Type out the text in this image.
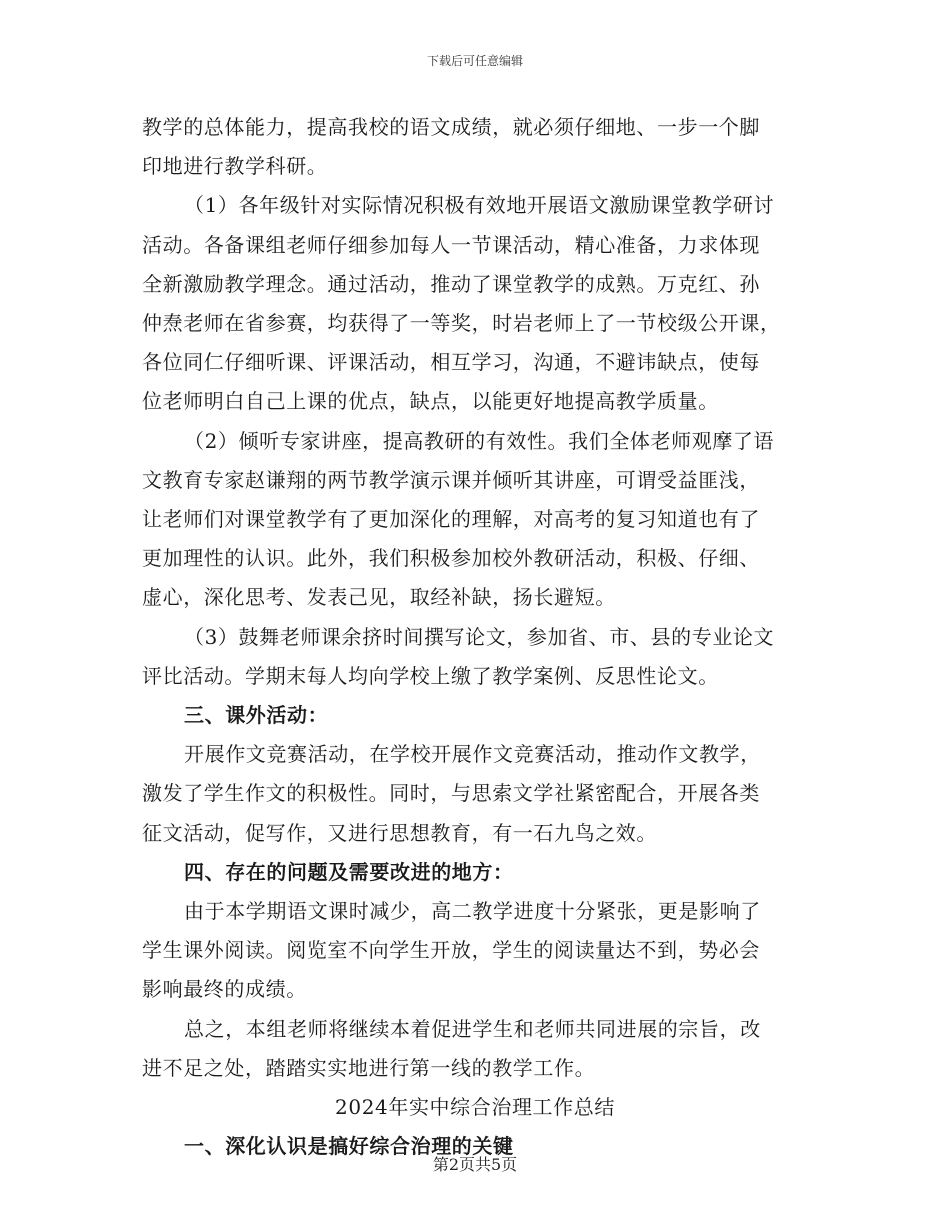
下载后可任意编辑
教学的总体能力，提高我校的语文成绩，就必须仔细地、一步一个脚
印地进行教学科研。
（1）各年级针对实际情况积极有效地开展语文激励课堂教学研讨
活动。各备课组老师仔细参加每人一节课活动，精心准备，力求体现
全新激励教学理念。通过活动，推动了课堂教学的成熟。万克红、孙
仲焘老师在省参赛，均获得了一等奖，时岩老师上了一节校级公开课，
各位同仁仔细听课、评课活动，相互学习，沟通，不避讳缺点，使每
位老师明白自己上课的优点，缺点，以能更好地提高教学质量。
（2）倾听专家讲座，提高教研的有效性。我们全体老师观摩了语
文教育专家赵谦翔的两节教学演示课并倾听其讲座，可谓受益匪浅，
让老师们对课堂教学有了更加深化的理解，对高考的复习知道也有了
更加理性的认识。此外，我们积极参加校外教研活动，积极、仔细、
虚心，深化思考、发表己见，取经补缺，扬长避短。
（3）鼓舞老师课余挤时间撰写论文，参加省、市、县的专业论文
评比活动。学期末每人均向学校上缴了教学案例、反思性论文。
三、课外活动：
开展作文竞赛活动，在学校开展作文竞赛活动，推动作文教学，
激发了学生作文的积极性。同时，与思索文学社紧密配合，开展各类
征文活动，促写作，又进行思想教育，有一石九鸟之效。
四、存在的问题及需要改进的地方：
由于本学期语文课时减少，高二教学进度十分紧张，更是影响了
学生课外阅读。阅览室不向学生开放，学生的阅读量达不到，势必会
影响最终的成绩。
总之，本组老师将继续本着促进学生和老师共同进展的宗旨，改
进不足之处，踏踏实实地进行第一线的教学工作。
2024年实中综合治理工作总结
一、深化认识是搞好综合治理的关键
第2页共5页
